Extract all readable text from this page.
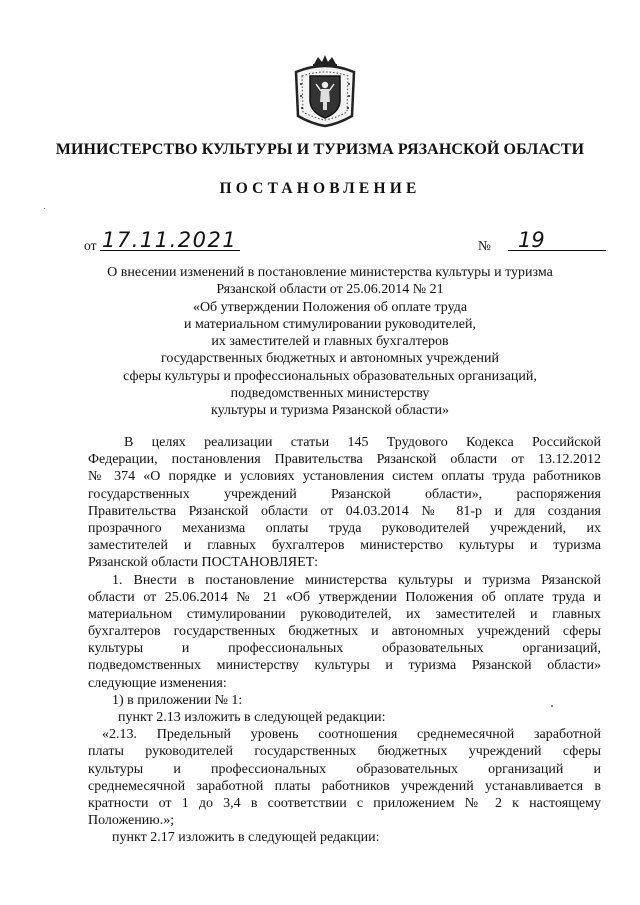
МИНИСТЕРСТВО КУЛЬТУРЫ И ТУРИЗМА РЯЗАНСКОЙ ОБЛАСТИ
ПОСТАНОВЛЕНИЕ
от 17.11.2021	№ 19
О внесении изменений в постановление министерства культуры и туризма
Рязанской области от 25.06.2014 № 21
«Об утверждении Положения об оплате труда
и материальном стимулировании руководителей,
их заместителей и главных бухгалтеров
государственных бюджетных и автономных учреждений
сферы культуры и профессиональных образовательных организаций,
подведомственных министерству
культуры и туризма Рязанской области»
В целях реализации статьи 145 Трудового Кодекса Российской
Федерации, постановления Правительства Рязанской области от 13.12.2012
№ 374 «О порядке и условиях установления систем оплаты труда работников
государственных учреждений Рязанской области», распоряжения
Правительства Рязанской области от 04.03.2014 № 81-р и для создания
прозрачного механизма оплаты труда руководителей учреждений, их
заместителей и главных бухгалтеров министерство культуры и туризма
Рязанской области ПОСТАНОВЛЯЕТ:
1. Внести в постановление министерства культуры и туризма Рязанской
области от 25.06.2014 № 21 «Об утверждении Положения об оплате труда и
материальном стимулировании руководителей, их заместителей и главных
бухгалтеров государственных бюджетных и автономных учреждений сферы
культуры и профессиональных образовательных организаций,
подведомственных министерству культуры и туризма Рязанской области»
следующие изменения:
1) в приложении № 1:
пункт 2.13 изложить в следующей редакции:
«2.13. Предельный уровень соотношения среднемесячной заработной
платы руководителей государственных бюджетных учреждений сферы
культуры и профессиональных образовательных организаций и
среднемесячной заработной платы работников учреждений устанавливается в
кратности от 1 до 3,4 в соответствии с приложением № 2 к настоящему
Положению.»;
пункт 2.17 изложить в следующей редакции:
